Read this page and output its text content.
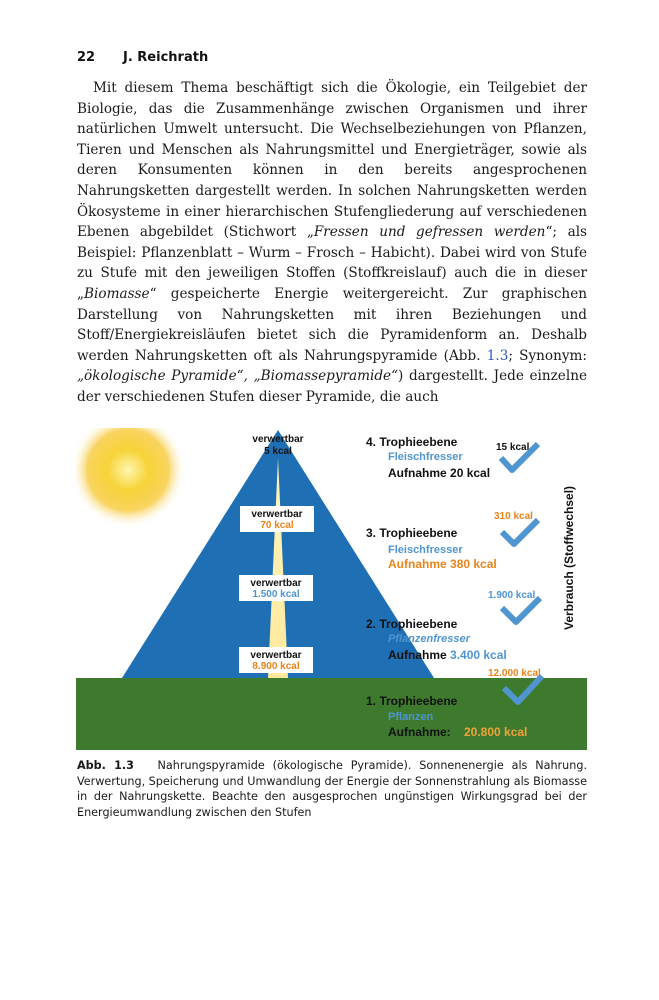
22 J. Reichrath

Mit diesem Thema beschäftigt sich die Ökologie, ein Teilgebiet der Biologie, das die Zusammenhänge zwischen Organismen und ihrer natürlichen Umwelt untersucht. Die Wechselbeziehungen von Pflanzen, Tieren und Menschen als Nahrungsmittel und Energieträger, sowie als deren Konsumenten können in den bereits angesprochenen Nahrungsketten dargestellt werden. In solchen Nahrungsketten werden Ökosysteme in einer hierarchischen Stufengliederung auf verschiedenen Ebenen abgebildet (Stichwort „Fressen und gefressen werden“; als Beispiel: Pflanzenblatt – Wurm – Frosch – Habicht). Dabei wird von Stufe zu Stufe mit den jeweiligen Stoffen (Stoffkreislauf) auch die in dieser „Biomasse“ gespeicherte Energie weitergereicht. Zur graphischen Darstellung von Nahrungsketten mit ihren Beziehungen und Stoff/Energiekreisläufen bietet sich die Pyramidenform an. Deshalb werden Nahrungsketten oft als Nahrungspyramide (Abb. 1.3; Synonym: „ökologische Pyramide“, „Biomassepyramide“) dargestellt. Jede einzelne der verschiedenen Stufen dieser Pyramide, die auch

verwertbar
5 kcal
verwertbar
70 kcal
verwertbar
1.500 kcal
verwertbar
8.900 kcal
4. Trophieebene
Fleischfresser
Aufnahme 20 kcal
3. Trophieebene
Fleischfresser
Aufnahme 380 kcal
2. Trophieebene
Pflanzenfresser
Aufnahme 3.400 kcal
1. Trophieebene
Pflanzen
Aufnahme: 20.800 kcal
15 kcal
310 kcal
1.900 kcal
12.000 kcal
Verbrauch (Stoffwechsel)
Abb. 1.3 Nahrungspyramide (ökologische Pyramide). Sonnenenergie als Nahrung. Verwertung, Speicherung und Umwandlung der Energie der Sonnenstrahlung als Biomasse in der Nahrungskette. Beachte den ausgesprochen ungünstigen Wirkungsgrad bei der Energieumwandlung zwischen den Stufen
